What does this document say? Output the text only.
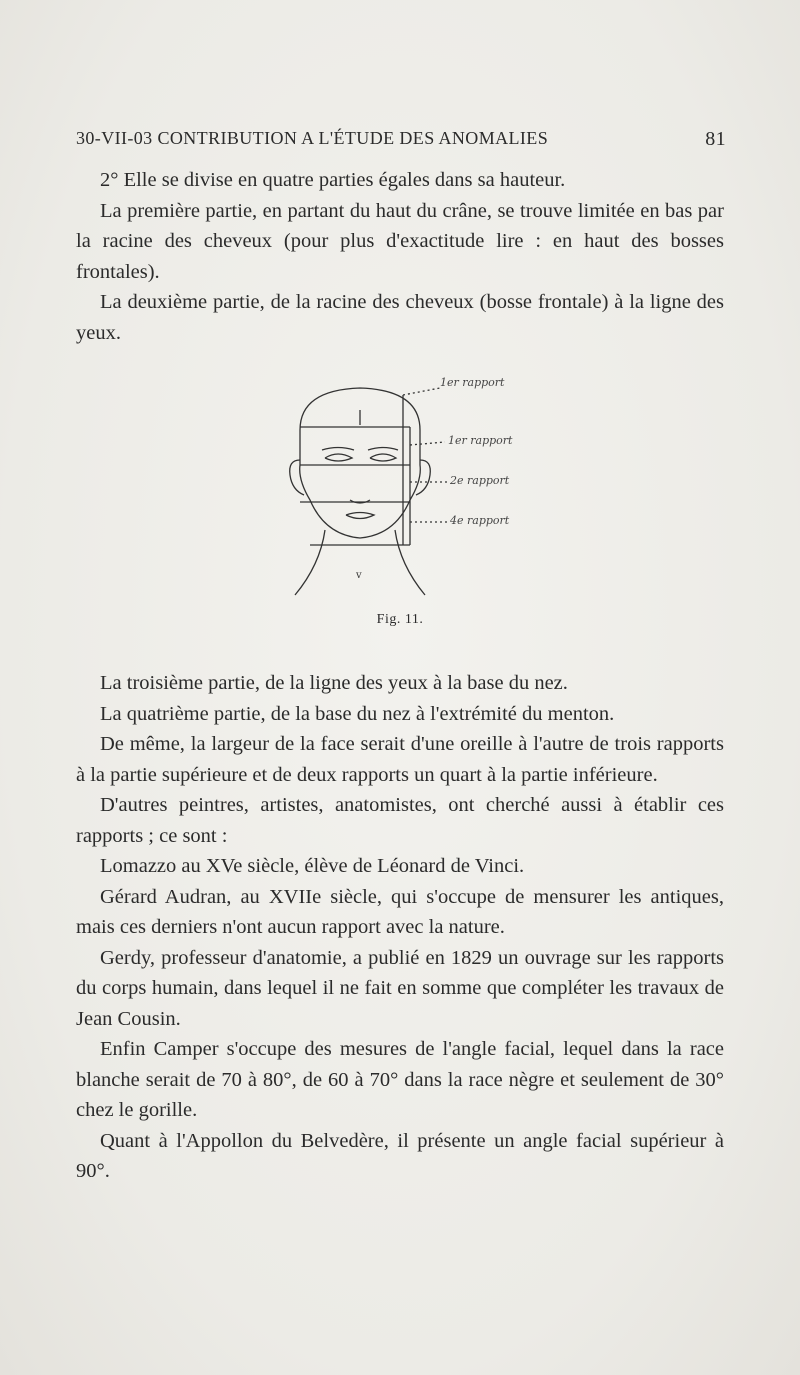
30-VII-03 CONTRIBUTION A L'ÉTUDE DES ANOMALIES	81

2° Elle se divise en quatre parties égales dans sa hauteur.

La première partie, en partant du haut du crâne, se trouve limitée en bas par la racine des cheveux (pour plus d'exactitude lire : en haut des bosses frontales).

La deuxième partie, de la racine des cheveux (bosse frontale) à la ligne des yeux.

v
1er rapport
1er rapport
2e rapport
4e rapport
Fig. 11.

La troisième partie, de la ligne des yeux à la base du nez.

La quatrième partie, de la base du nez à l'extrémité du menton.

De même, la largeur de la face serait d'une oreille à l'autre de trois rapports à la partie supérieure et de deux rapports un quart à la partie inférieure.

D'autres peintres, artistes, anatomistes, ont cherché aussi à établir ces rapports ; ce sont :

Lomazzo au XVe siècle, élève de Léonard de Vinci.

Gérard Audran, au XVIIe siècle, qui s'occupe de mensurer les antiques, mais ces derniers n'ont aucun rapport avec la nature.

Gerdy, professeur d'anatomie, a publié en 1829 un ouvrage sur les rapports du corps humain, dans lequel il ne fait en somme que compléter les travaux de Jean Cousin.

Enfin Camper s'occupe des mesures de l'angle facial, lequel dans la race blanche serait de 70 à 80°, de 60 à 70° dans la race nègre et seulement de 30° chez le gorille.

Quant à l'Appollon du Belvedère, il présente un angle facial supérieur à 90°.
